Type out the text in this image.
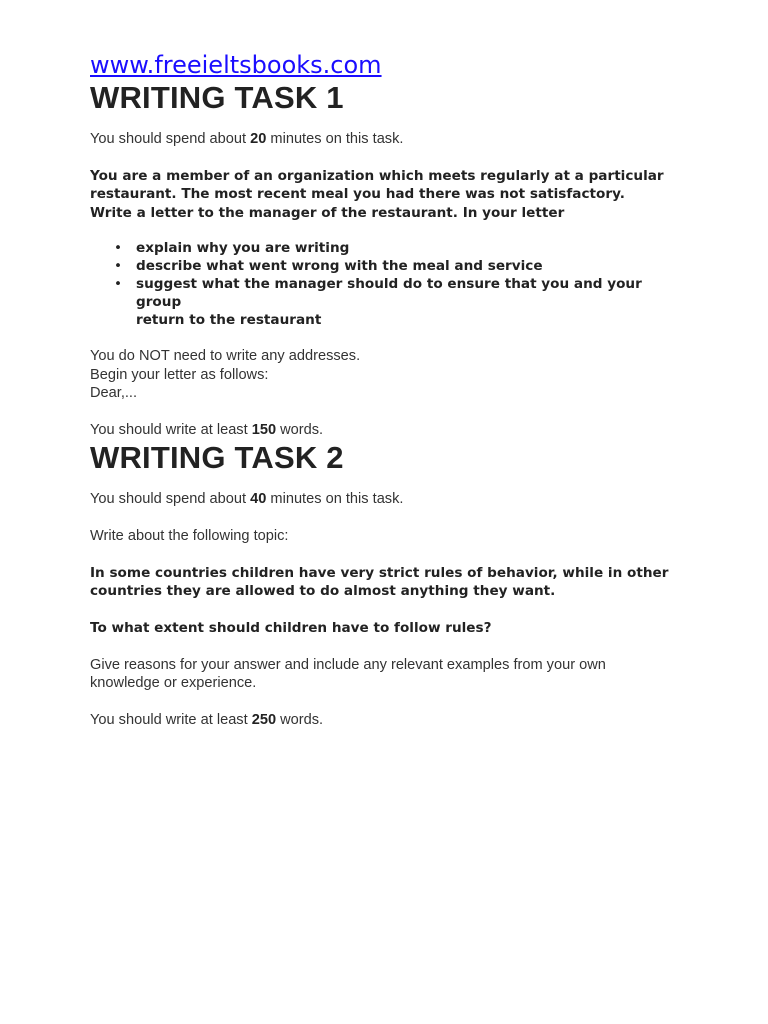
www.freeieltsbooks.com
WRITING TASK 1

You should spend about 20 minutes on this task.

You are a member of an organization which meets regularly at a particular
restaurant. The most recent meal you had there was not satisfactory.
Write a letter to the manager of the restaurant. In your letter
• explain why you are writing
• describe what went wrong with the meal and service
• suggest what the manager should do to ensure that you and your group
return to the restaurant

You do NOT need to write any addresses.

Begin your letter as follows:

Dear,...

You should write at least 150 words.

WRITING TASK 2

You should spend about 40 minutes on this task.

Write about the following topic:

In some countries children have very strict rules of behavior, while in other
countries they are allowed to do almost anything they want.
To what extent should children have to follow rules?

Give reasons for your answer and include any relevant examples from your own

knowledge or experience.

You should write at least 250 words.
